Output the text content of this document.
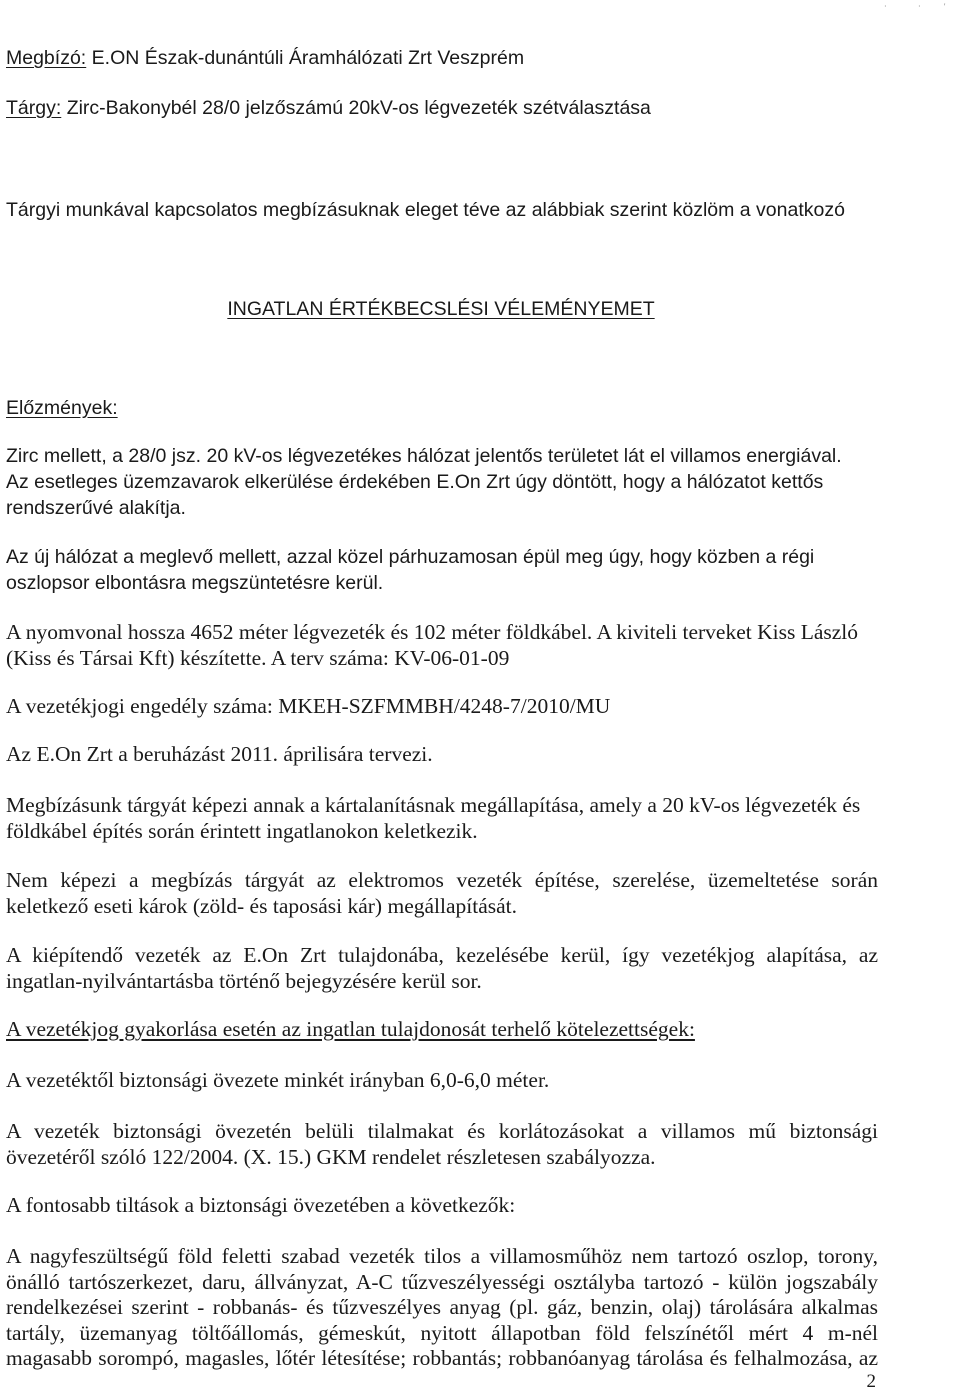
·	·	'
Megbízó: E.ON Észak-dunántúli Áramhálózati Zrt Veszprém
Tárgy: Zirc-Bakonybél 28/0 jelzőszámú 20kV-os légvezeték szétválasztása
Tárgyi munkával kapcsolatos megbízásuknak eleget téve az alábbiak szerint közlöm a vonatkozó
INGATLAN ÉRTÉKBECSLÉSI VÉLEMÉNYEMET
Előzmények:
Zirc mellett, a 28/0 jsz. 20 kV-os légvezetékes hálózat jelentős területet lát el villamos energiával.
Az esetleges üzemzavarok elkerülése érdekében E.On Zrt úgy döntött, hogy a hálózatot kettős
rendszerűvé alakítja.
Az új hálózat a meglevő mellett, azzal közel párhuzamosan épül meg úgy, hogy közben a régi
oszlopsor elbontásra megszüntetésre kerül.
A nyomvonal hossza 4652 méter légvezeték és 102 méter földkábel. A kiviteli terveket Kiss László
(Kiss és Társai Kft) készítette. A terv száma: KV-06-01-09
A vezetékjogi engedély száma: MKEH-SZFMMBH/4248-7/2010/MU
Az E.On Zrt a beruházást 2011. áprilisára tervezi.
Megbízásunk tárgyát képezi annak a kártalanításnak megállapítása, amely a 20 kV-os légvezeték és
földkábel építés során érintett ingatlanokon keletkezik.
Nem képezi a megbízás tárgyát az elektromos vezeték építése, szerelése, üzemeltetése során
keletkező eseti károk (zöld- és taposási kár) megállapítását.
A kiépítendő vezeték az E.On Zrt tulajdonába, kezelésébe kerül, így vezetékjog alapítása, az
ingatlan-nyilvántartásba történő bejegyzésére kerül sor.
A vezetékjog gyakorlása esetén az ingatlan tulajdonosát terhelő kötelezettségek:
A vezetéktől biztonsági övezete minkét irányban 6,0-6,0 méter.
A vezeték biztonsági övezetén belüli tilalmakat és korlátozásokat a villamos mű biztonsági
övezetéről szóló 122/2004. (X. 15.) GKM rendelet részletesen szabályozza.
A fontosabb tiltások a biztonsági övezetében a következők:
A nagyfeszültségű föld feletti szabad vezeték tilos a villamosműhöz nem tartozó oszlop, torony,
önálló tartószerkezet, daru, állványzat, A-C tűzveszélyességi osztályba tartozó - külön jogszabály
rendelkezései szerint - robbanás- és tűzveszélyes anyag (pl. gáz, benzin, olaj) tárolására alkalmas
tartály, üzemanyag töltőállomás, gémeskút, nyitott állapotban föld felszínétől mért 4 m-nél
magasabb sorompó, magasles, lőtér létesítése; robbantás; robbanóanyag tárolása és felhalmozása, az
2
